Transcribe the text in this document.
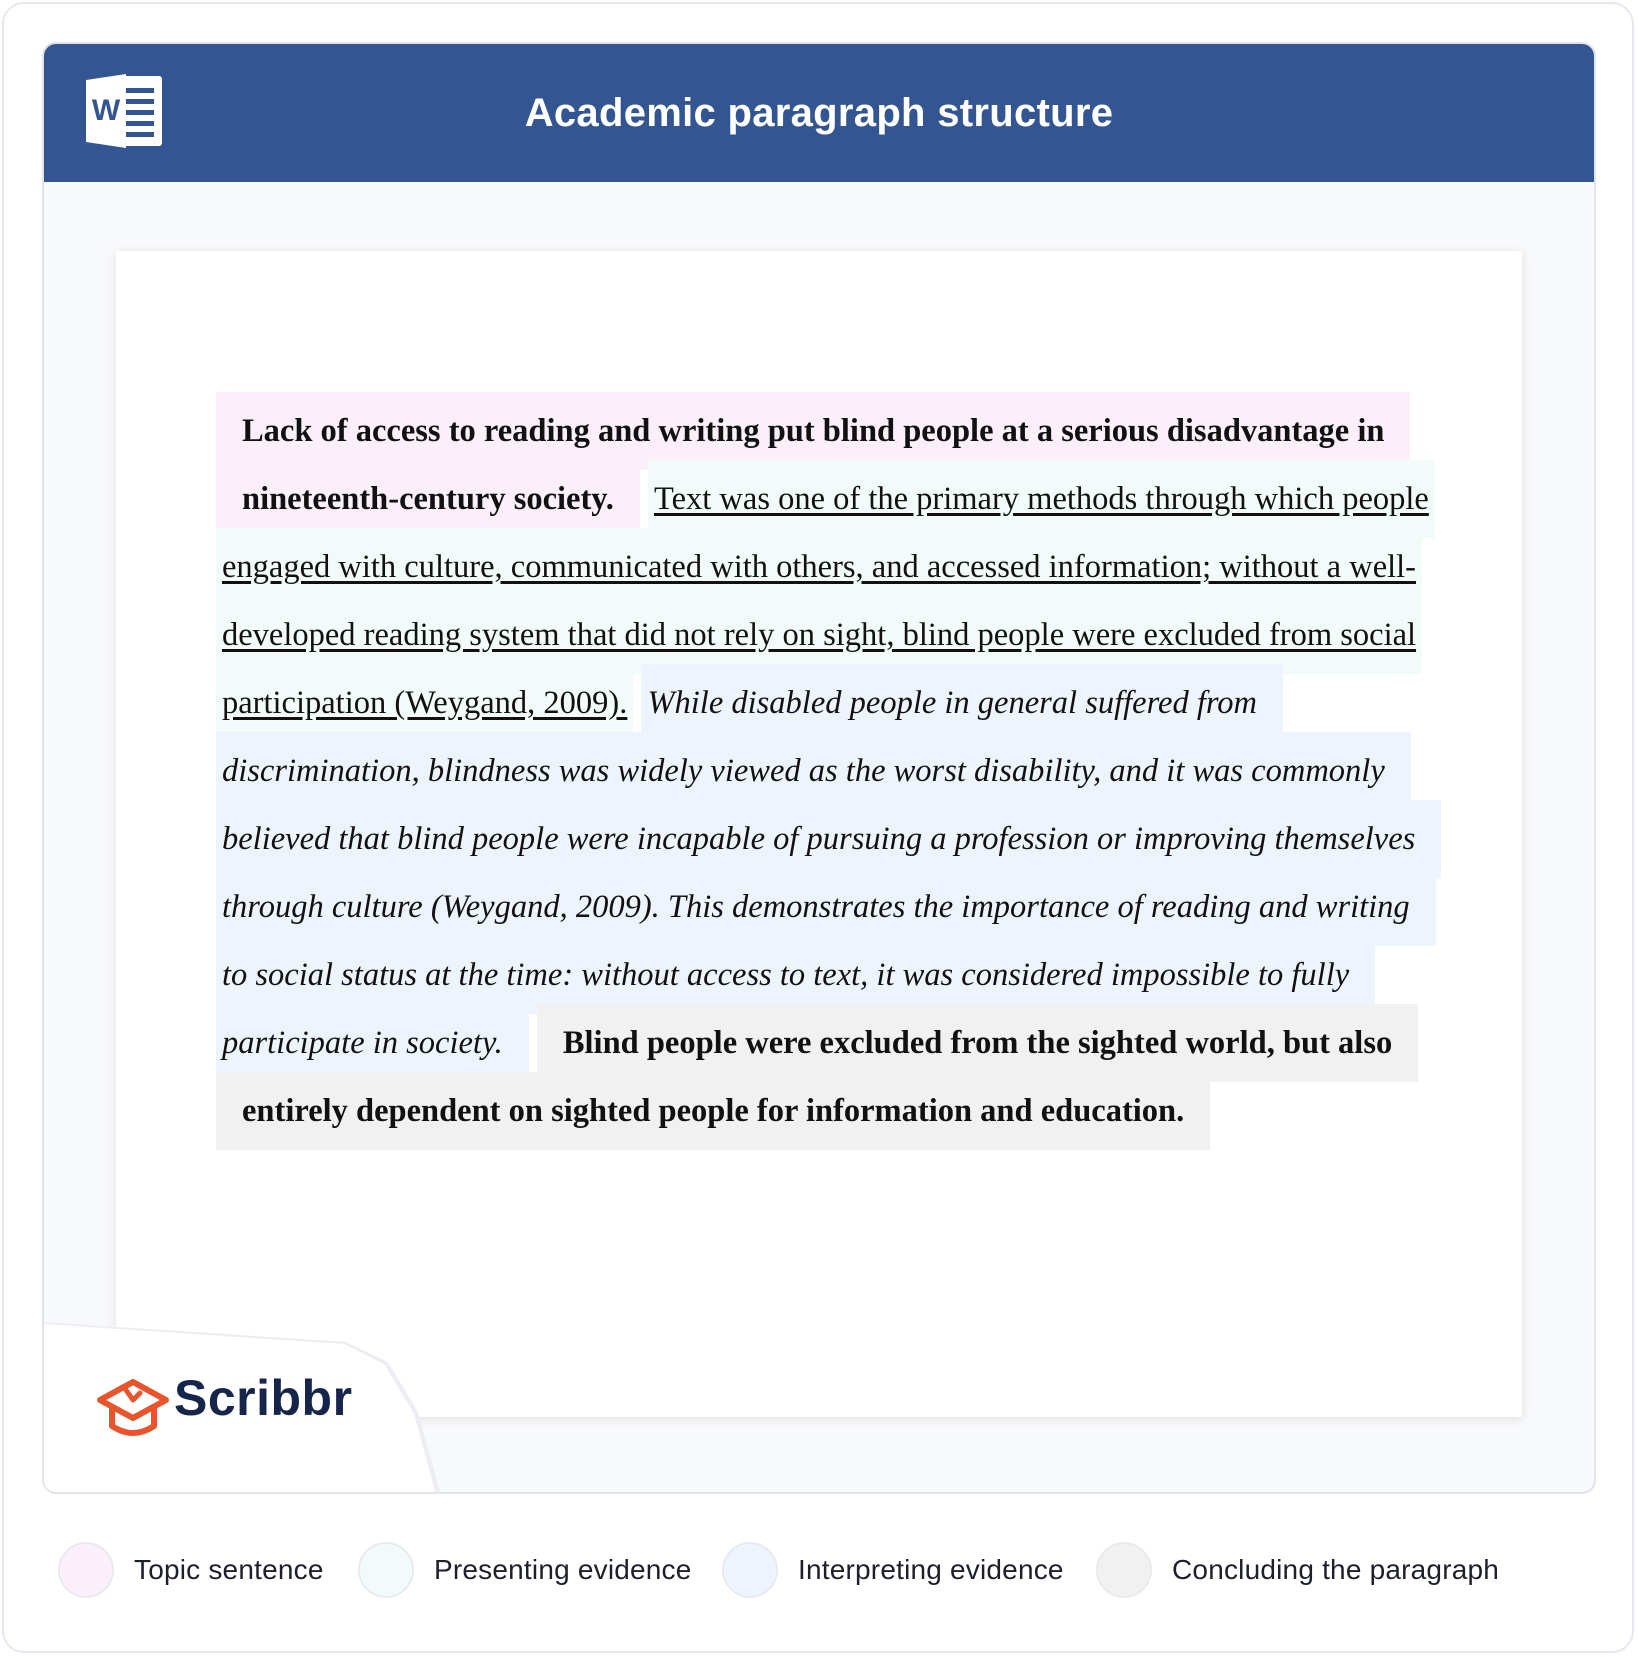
W	Academic paragraph structure
Lack of access to reading and writing put blind people at a serious disadvantage in nineteenth-century society. Text was one of the primary methods through which people engaged with culture, communicated with others, and accessed information; without a well-developed reading system that did not rely on sight, blind people were excluded from social participation (Weygand, 2009). While disabled people in general suffered from discrimination, blindness was widely viewed as the worst disability, and it was commonly believed that blind people were incapable of pursuing a profession or improving themselves through culture (Weygand, 2009). This demonstrates the importance of reading and writing to social status at the time: without access to text, it was considered impossible to fully participate in society. Blind people were excluded from the sighted world, but also entirely dependent on sighted people for information and education.
Scribbr
Topic sentence	Presenting evidence	Interpreting evidence	Concluding the paragraph
